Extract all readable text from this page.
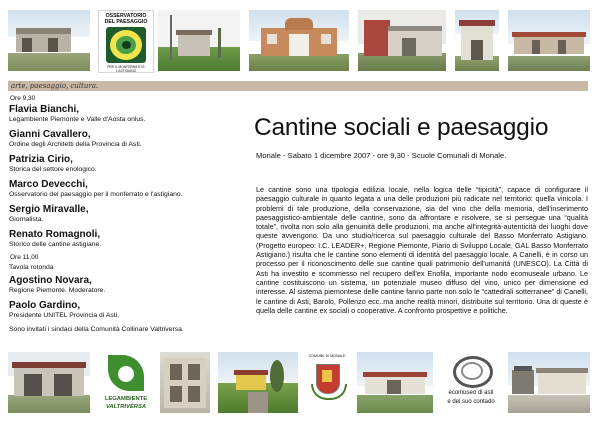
OSSERVATORIO DEL PAESAGGIO
PER IL MONFERRATO E L'ASTIGIANO
arte, paesaggio, cultura.
Ore 9,30
Flavia Bianchi,
Legambiente Piemonte e Valle d'Aosta onlus.
Gianni Cavallero,
Ordine degli Architetti della Provincia di Asti.
Patrizia Cirio,
Storica del settore enologico.
Marco Devecchi,
Osservatorio del paesaggio per il monferrato e l'astigiano.
Sergio Miravalle,
Giornalista.
Renato Romagnoli,
Storico delle cantine astigiane.
Ore 11,00
Tavola rotonda
Agostino Novara,
Regione Piemonte. Moderatore.
Paolo Gardino,
Presidente UNITEL Provincia di Asti.
Sono invitati i sindaci della Comunità Collinare Valtriversa.
Cantine sociali e paesaggio
Monale - Sabato 1 dicembre 2007 - ore 9,30 - Scuole Comunali di Monale.
Le cantine sono una tipologia edilizia locale, nella logica delle “tipicità”, capace di configurare il paesaggio culturale in quanto legata a una delle produzioni più radicate nel territorio: quella vinicola. I problemi di tale produzione, della conservazione, sia del vino che della memoria, dell'inserimento paesaggistico-ambientale delle cantine, sono da affrontare e risolvere, se si persegue una “qualità totale”, rivolta non solo alla genuinità delle produzioni, ma anche all'integrità-autenticità dei luoghi dove queste avvengono. Da uno studio/ricerca sul paesaggio culturale del Basso Monferrato Astigiano. (Progetto europeo: I.C. LEADER+, Regione Piemonte, Piano di Sviluppo Locale, GAL Basso Monferrato Astigiano.) risulta che le cantine sono elementi di identità del paesaggio locale. A Canelli, è in corso un processo per il riconoscimento delle sue cantine quali patrimonio dell'umanità (UNESCO). La Città di Asti ha investito e scommesso nel recupero dell'ex Enofila, importante nodo ecomuseale urbano. Le cantine costituiscono un sistema, un potenziale museo diffuso del vino, unico per dimensione ed interesse. Al sistema piemontese delle cantine fanno parte non solo le “cattedrali sotterranee” di Canelli, le cantine di Asti, Barolo, Pollenzo ecc..ma anche realtà minori, distribuite sul territorio. Una di queste è quella delle cantine ex sociali o cooperative. A confronto prospettive e politiche.
LEGAMBIENTE
VALTRIVERSA
COMUNE DI MONALE
ecomuseo di asti
e del suo contado
